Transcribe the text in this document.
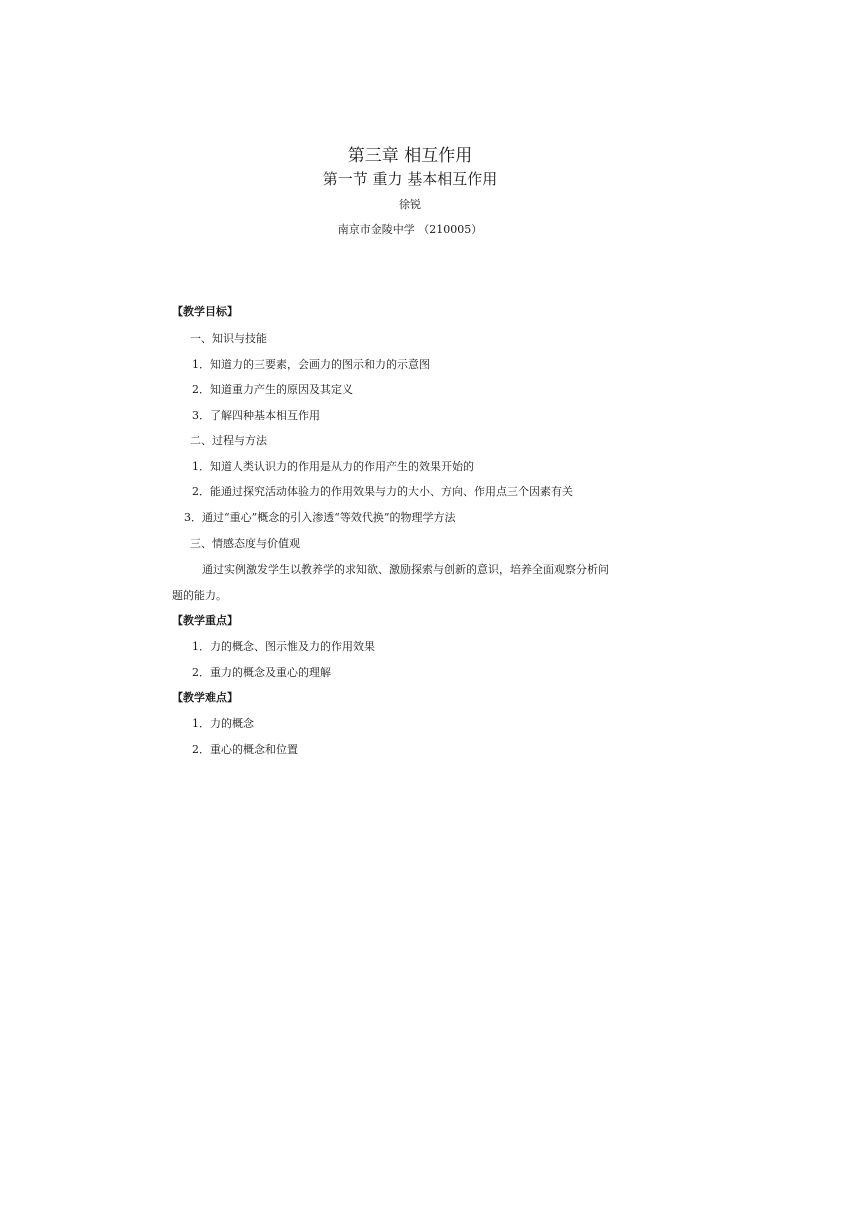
第三章 相互作用
第一节 重力 基本相互作用
徐锐
南京市金陵中学 （210005）
【教学目标】
一、知识与技能
1．知道力的三要素，会画力的图示和力的示意图
2．知道重力产生的原因及其定义
3．了解四种基本相互作用
二、过程与方法
1．知道人类认识力的作用是从力的作用产生的效果开始的
2．能通过探究活动体验力的作用效果与力的大小、方向、作用点三个因素有关
3．通过“重心”概念的引入渗透“等效代换”的物理学方法
三、情感态度与价值观
通过实例激发学生以教养学的求知欲、激励探索与创新的意识，培养全面观察分析问
题的能力。
【教学重点】
1．力的概念、图示惟及力的作用效果
2．重力的概念及重心的理解
【教学难点】
1．力的概念
2．重心的概念和位置
